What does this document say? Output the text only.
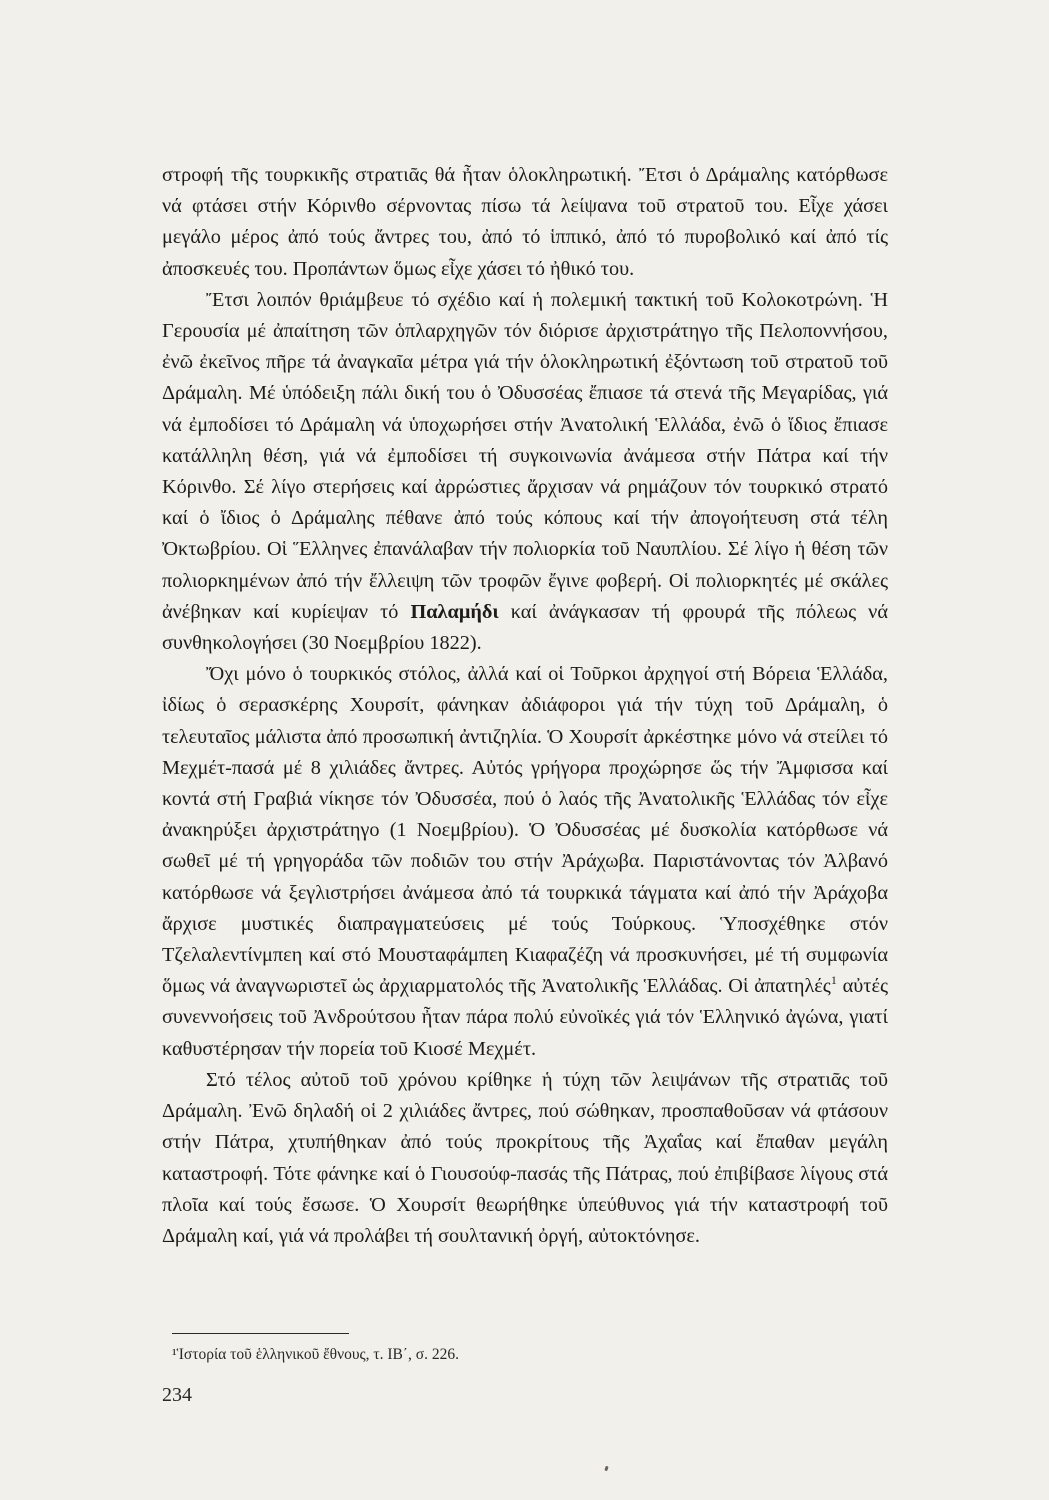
στροφή τῆς τουρκικῆς στρατιᾶς θά ἦταν ὁλοκληρωτική. Ἔτσι ὁ Δράμαλης κατόρθωσε νά φτάσει στήν Κόρινθο σέρνοντας πίσω τά λείψανα τοῦ στρατοῦ του. Εἶχε χάσει μεγάλο μέρος ἀπό τούς ἄντρες του, ἀπό τό ἱππικό, ἀπό τό πυροβολικό καί ἀπό τίς ἀποσκευές του. Προπάντων ὅμως εἶχε χάσει τό ἠθικό του.

Ἔτσι λοιπόν θριάμβευε τό σχέδιο καί ἡ πολεμική τακτική τοῦ Κολοκοτρώνη. Ἡ Γερουσία μέ ἀπαίτηση τῶν ὁπλαρχηγῶν τόν διόρισε ἀρχιστράτηγο τῆς Πελοποννήσου, ἐνῶ ἐκεῖνος πῆρε τά ἀναγκαῖα μέτρα γιά τήν ὁλοκληρωτική ἐξόντωση τοῦ στρατοῦ τοῦ Δράμαλη. Μέ ὑπόδειξη πάλι δική του ὁ Ὀδυσσέας ἔπιασε τά στενά τῆς Μεγαρίδας, γιά νά ἐμποδίσει τό Δράμαλη νά ὑποχωρήσει στήν Ἀνατολική Ἑλλάδα, ἐνῶ ὁ ἴδιος ἔπιασε κατάλληλη θέση, γιά νά ἐμποδίσει τή συγκοινωνία ἀνάμεσα στήν Πάτρα καί τήν Κόρινθο. Σέ λίγο στερήσεις καί ἀρρώστιες ἄρχισαν νά ρημάζουν τόν τουρκικό στρατό καί ὁ ἴδιος ὁ Δράμαλης πέθανε ἀπό τούς κόπους καί τήν ἀπογοήτευση στά τέλη Ὀκτωβρίου. Οἱ Ἕλληνες ἐπανάλαβαν τήν πολιορκία τοῦ Ναυπλίου. Σέ λίγο ἡ θέση τῶν πολιορκημένων ἀπό τήν ἔλλειψη τῶν τροφῶν ἔγινε φοβερή. Οἱ πολιορκητές μέ σκάλες ἀνέβηκαν καί κυρίεψαν τό Παλαμήδι καί ἀνάγκασαν τή φρουρά τῆς πόλεως νά συνθηκολογήσει (30 Νοεμβρίου 1822).

Ὄχι μόνο ὁ τουρκικός στόλος, ἀλλά καί οἱ Τοῦρκοι ἀρχηγοί στή Βόρεια Ἑλλάδα, ἰδίως ὁ σερασκέρης Χουρσίτ, φάνηκαν ἀδιάφοροι γιά τήν τύχη τοῦ Δράμαλη, ὁ τελευταῖος μάλιστα ἀπό προσωπική ἀντιζηλία. Ὁ Χουρσίτ ἀρκέστηκε μόνο νά στείλει τό Μεχμέτ-πασά μέ 8 χιλιάδες ἄντρες. Αὐτός γρήγορα προχώρησε ὥς τήν Ἄμφισσα καί κοντά στή Γραβιά νίκησε τόν Ὀδυσσέα, πού ὁ λαός τῆς Ἀνατολικῆς Ἑλλάδας τόν εἶχε ἀνακηρύξει ἀρχιστράτηγο (1 Νοεμβρίου). Ὁ Ὀδυσσέας μέ δυσκολία κατόρθωσε νά σωθεῖ μέ τή γρηγοράδα τῶν ποδιῶν του στήν Ἀράχωβα. Παριστάνοντας τόν Ἀλβανό κατόρθωσε νά ξεγλιστρήσει ἀνάμεσα ἀπό τά τουρκικά τάγματα καί ἀπό τήν Ἀράχοβα ἄρχισε μυστικές διαπραγματεύσεις μέ τούς Τούρκους. Ὑποσχέθηκε στόν Τζελαλεντίνμπεη καί στό Μουσταφάμπεη Κιαφαζέζη νά προσκυνήσει, μέ τή συμφωνία ὅμως νά ἀναγνωριστεῖ ὡς ἀρχιαρματολός τῆς Ἀνατολικῆς Ἑλλάδας. Οἱ ἀπατηλές$^1$ αὐτές συνεννοήσεις τοῦ Ἀνδρούτσου ἦταν πάρα πολύ εὐνοϊκές γιά τόν Ἑλληνικό ἀγώνα, γιατί καθυστέρησαν τήν πορεία τοῦ Κιοσέ Μεχμέτ.

Στό τέλος αὐτοῦ τοῦ χρόνου κρίθηκε ἡ τύχη τῶν λειψάνων τῆς στρατιᾶς τοῦ Δράμαλη. Ἐνῶ δηλαδή οἱ 2 χιλιάδες ἄντρες, πού σώθηκαν, προσπαθοῦσαν νά φτάσουν στήν Πάτρα, χτυπήθηκαν ἀπό τούς προκρίτους τῆς Ἀχαΐας καί ἔπαθαν μεγάλη καταστροφή. Τότε φάνηκε καί ὁ Γιουσούφ-πασάς τῆς Πάτρας, πού ἐπιβίβασε λίγους στά πλοῖα καί τούς ἔσωσε. Ὁ Χουρσίτ θεωρήθηκε ὑπεύθυνος γιά τήν καταστροφή τοῦ Δράμαλη καί, γιά νά προλάβει τή σουλτανική ὀργή, αὐτοκτόνησε.

¹Ἱστορία τοῦ ἑλληνικοῦ ἔθνους, τ. ΙΒ΄, σ. 226.
234
